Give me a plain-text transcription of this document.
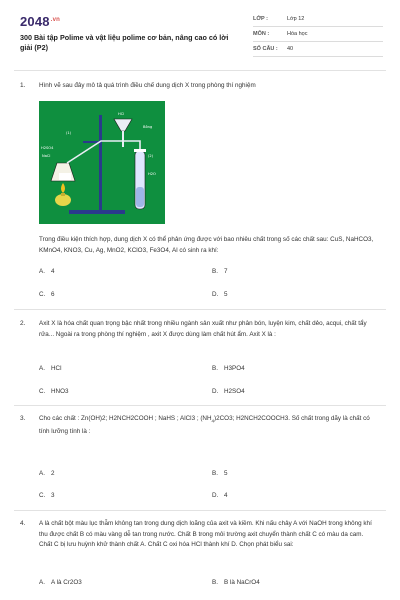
$2048^{.vn}$
300 Bài tập Polime và vật liệu polime cơ bản, nâng cao có lời giải (P2)
LỚP :	Lớp 12
MÔN :	Hóa học
SỐ CÂU : 40
1. Hình vẽ sau đây mô tả quá trình điều chế dung dịch X trong phòng thí nghiệm
HCl
Bông
(1)
H2SO4
NaCl	(2)
H2O
Trong điều kiện thích hợp, dung dịch X có thể phản ứng được với bao nhiêu chất trong số các chất sau: CuS, NaHCO3, KMnO4, KNO3, Cu, Ag, MnO2, KClO3, Fe3O4, Al có sinh ra khí:
A. 4	B. 7
C. 6	D. 5
2. Axit X là hóa chất quan trọng bậc nhất trong nhiều ngành sản xuất như phân bón, luyện kim, chất dẻo, acqui, chất tẩy rửa... Ngoài ra trong phòng thí nghiệm , axit X được dùng làm chất hút ẩm. Axit X là :
A. HCl	B. H3PO4
C. HNO3	D. H2SO4
3. Cho các chất : Zn(OH)2; H2NCH2COOH ; NaHS ; AlCl3 ; $(NH_4)2CO3$; H2NCH2COOCH3. Số chất trong dãy là chất có tính lưỡng tính là :
A. 2	B. 5
C. 3	D. 4
4. A là chất bột màu lục thẫm không tan trong dung dịch loãng của axit và kiềm. Khi nấu chảy A với NaOH trong không khí thu được chất B có màu vàng dễ tan trong nước. Chất B trong môi trường axit chuyển thành chất C có màu da cam. Chất C bị lưu huỳnh khử thành chất A. Chất C oxi hóa HCl thành khí D. Chọn phát biểu sai:
A. A là Cr2O3	B. B là NaCrO4
